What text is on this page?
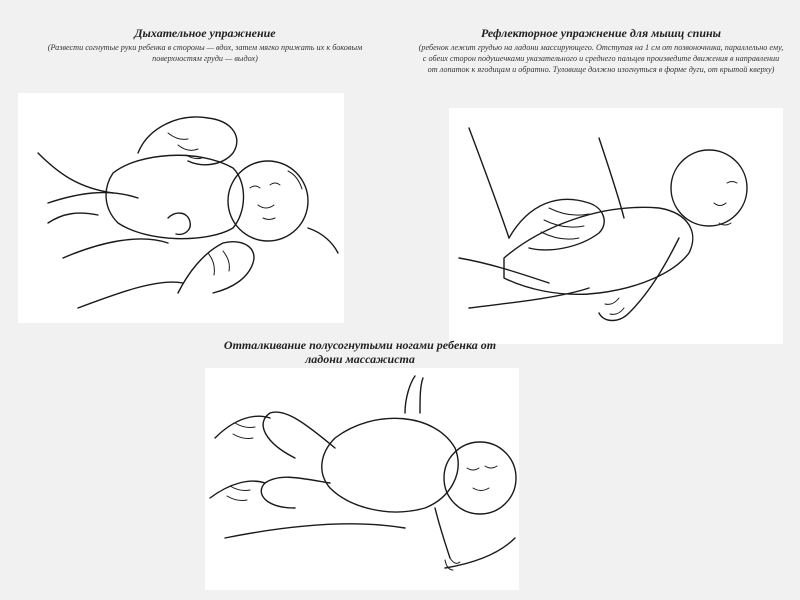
Дыхательное упражнение
(Развести согнутые руки ребенка в стороны — вдох, затем мягко прижать их к боковым поверхностям груди — выдох)
Рефлекторное упражнение для мышц спины
(ребенок лежит грудью на ладони массирующего. Отступая на 1 см от позвоночника, параллельно ему, с обеих сторон подушечками указательного и среднего пальцев произведите движения в направлении от лопаток к ягодицам и обратно. Туловище должно изогнуться в форме дуги, от крытой кверху)
Отталкивание полусогнутыми ногами ребенка от ладони массажиста
